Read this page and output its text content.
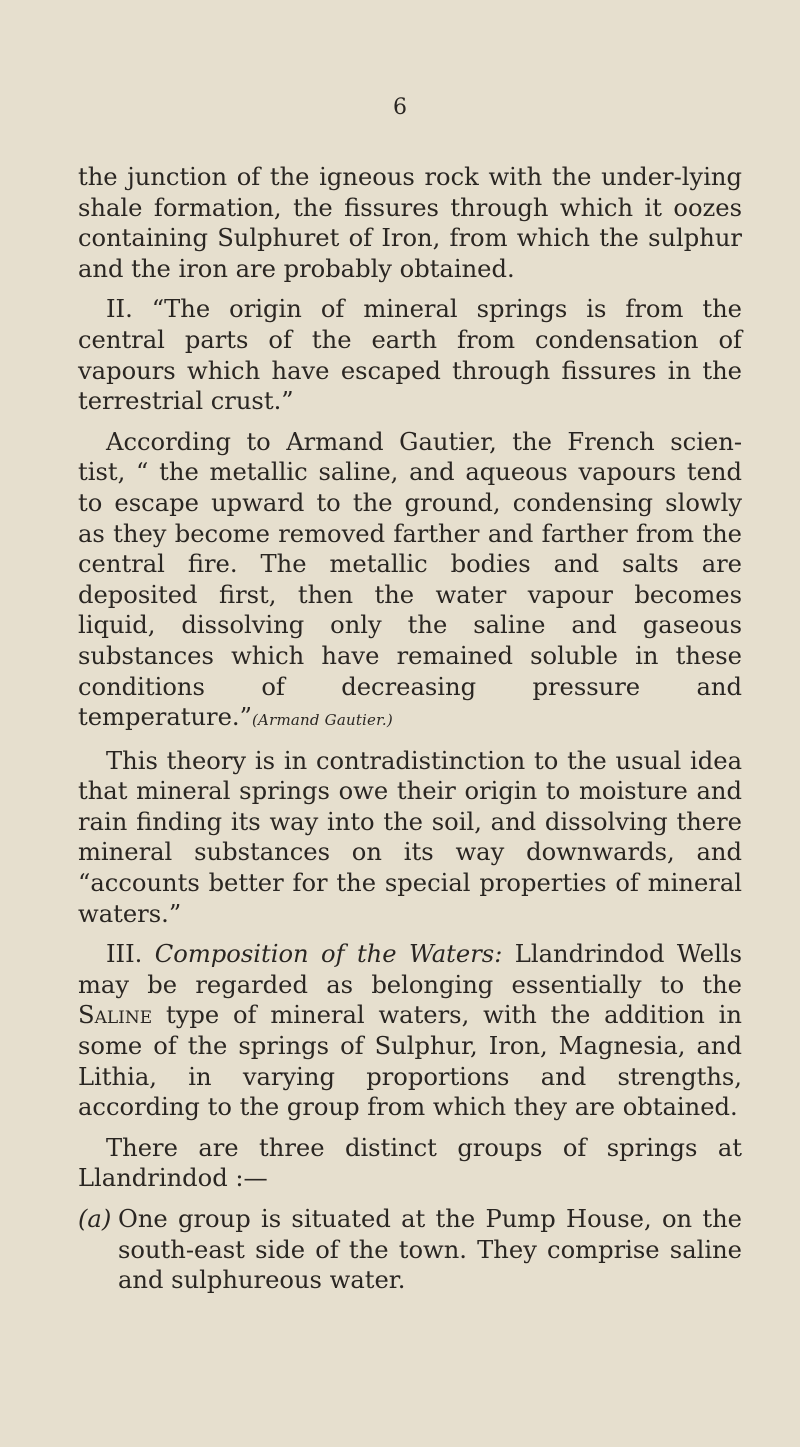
6

the junction of the igneous rock with the under-lying shale formation, the fissures through which it oozes containing Sulphuret of Iron, from which the sulphur and the iron are probably obtained.

II. “The origin of mineral springs is from the central parts of the earth from condensation of vapours which have escaped through fissures in the terrestrial crust.”

According to Armand Gautier, the French scien-tist, “ the metallic saline, and aqueous vapours tend to escape upward to the ground, condensing slowly as they become removed farther and farther from the central fire. The metallic bodies and salts are deposited first, then the water vapour becomes liquid, dissolving only the saline and gaseous substances which have remained soluble in these conditions of decreasing pressure and temperature.”(Armand Gautier.)

This theory is in contradistinction to the usual idea that mineral springs owe their origin to moisture and rain finding its way into the soil, and dissolving there mineral substances on its way downwards, and “accounts better for the special properties of mineral waters.”

III. Composition of the Waters: Llandrindod Wells may be regarded as belonging essentially to the Saline type of mineral waters, with the addition in some of the springs of Sulphur, Iron, Magnesia, and Lithia, in varying proportions and strengths, according to the group from which they are obtained.

There are three distinct groups of springs at Llandrindod :—

(a) One group is situated at the Pump House, on the south-east side of the town. They comprise saline and sulphureous water.
